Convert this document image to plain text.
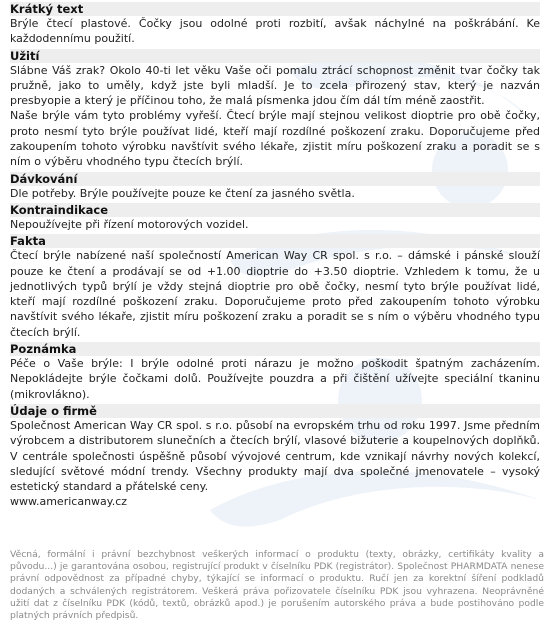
Krátký text

Brýle čtecí plastové. Čočky jsou odolné proti rozbití, avšak náchylné na poškrábání. Ke každodennímu použití.

Užití

Slábne Váš zrak? Okolo 40-ti let věku Vaše oči pomalu ztrácí schopnost změnit tvar čočky tak pružně, jako to uměly, když jste byli mladší. Je to zcela přirozený stav, který je nazván presbyopie a který je příčinou toho, že malá písmenka jdou čím dál tím méně zaostřit.

Naše brýle vám tyto problémy vyřeší. Čtecí brýle mají stejnou velikost dioptrie pro obě čočky, proto nesmí tyto brýle používat lidé, kteří mají rozdílné poškození zraku. Doporučujeme před zakoupením tohoto výrobku navštívit svého lékaře, zjistit míru poškození zraku a poradit se s ním o výběru vhodného typu čtecích brýlí.

Dávkování

Dle potřeby. Brýle používejte pouze ke čtení za jasného světla.

Kontraindikace

Nepoužívejte při řízení motorových vozidel.

Fakta

Čtecí brýle nabízené naší společností American Way CR spol. s r.o. – dámské i pánské slouží pouze ke čtení a prodávají se od +1.00 dioptrie do +3.50 dioptrie. Vzhledem k tomu, že u jednotlivých typů brýlí je vždy stejná dioptrie pro obě čočky, nesmí tyto brýle používat lidé, kteří mají rozdílné poškození zraku. Doporučujeme proto před zakoupením tohoto výrobku navštívit svého lékaře, zjistit míru poškození zraku a poradit se s ním o výběru vhodného typu čtecích brýlí.

Poznámka

Péče o Vaše brýle: I brýle odolné proti nárazu je možno poškodit špatným zacházením. Nepokládejte brýle čočkami dolů. Používejte pouzdra a při čištění užívejte speciální tkaninu (mikrovlákno).

Údaje o firmě

Společnost American Way CR spol. s r.o. působí na evropském trhu od roku 1997. Jsme předním výrobcem a distributorem slunečních a čtecích brýlí, vlasové bižuterie a koupelnových doplňků. V centrále společnosti úspěšně působí vývojové centrum, kde vznikají návrhy nových kolekcí, sledující světové módní trendy. Všechny produkty mají dva společné jmenovatele – vysoký estetický standard a přátelské ceny.

www.americanway.cz

Věcná, formální i právní bezchybnost veškerých informací o produktu (texty, obrázky, certifikáty kvality a původu...) je garantována osobou, registrující produkt v číselníku PDK (registrátor). Společnost PHARMDATA nenese právní odpovědnost za případné chyby, týkající se informací o produktu. Ručí jen za korektní šíření podkladů dodaných a schválených registrátorem. Veškerá práva pořizovatele číselníku PDK jsou vyhrazena. Neoprávněné užití dat z číselníku PDK (kódů, textů, obrázků apod.) je porušením autorského práva a bude postihováno podle platných právních předpisů.
